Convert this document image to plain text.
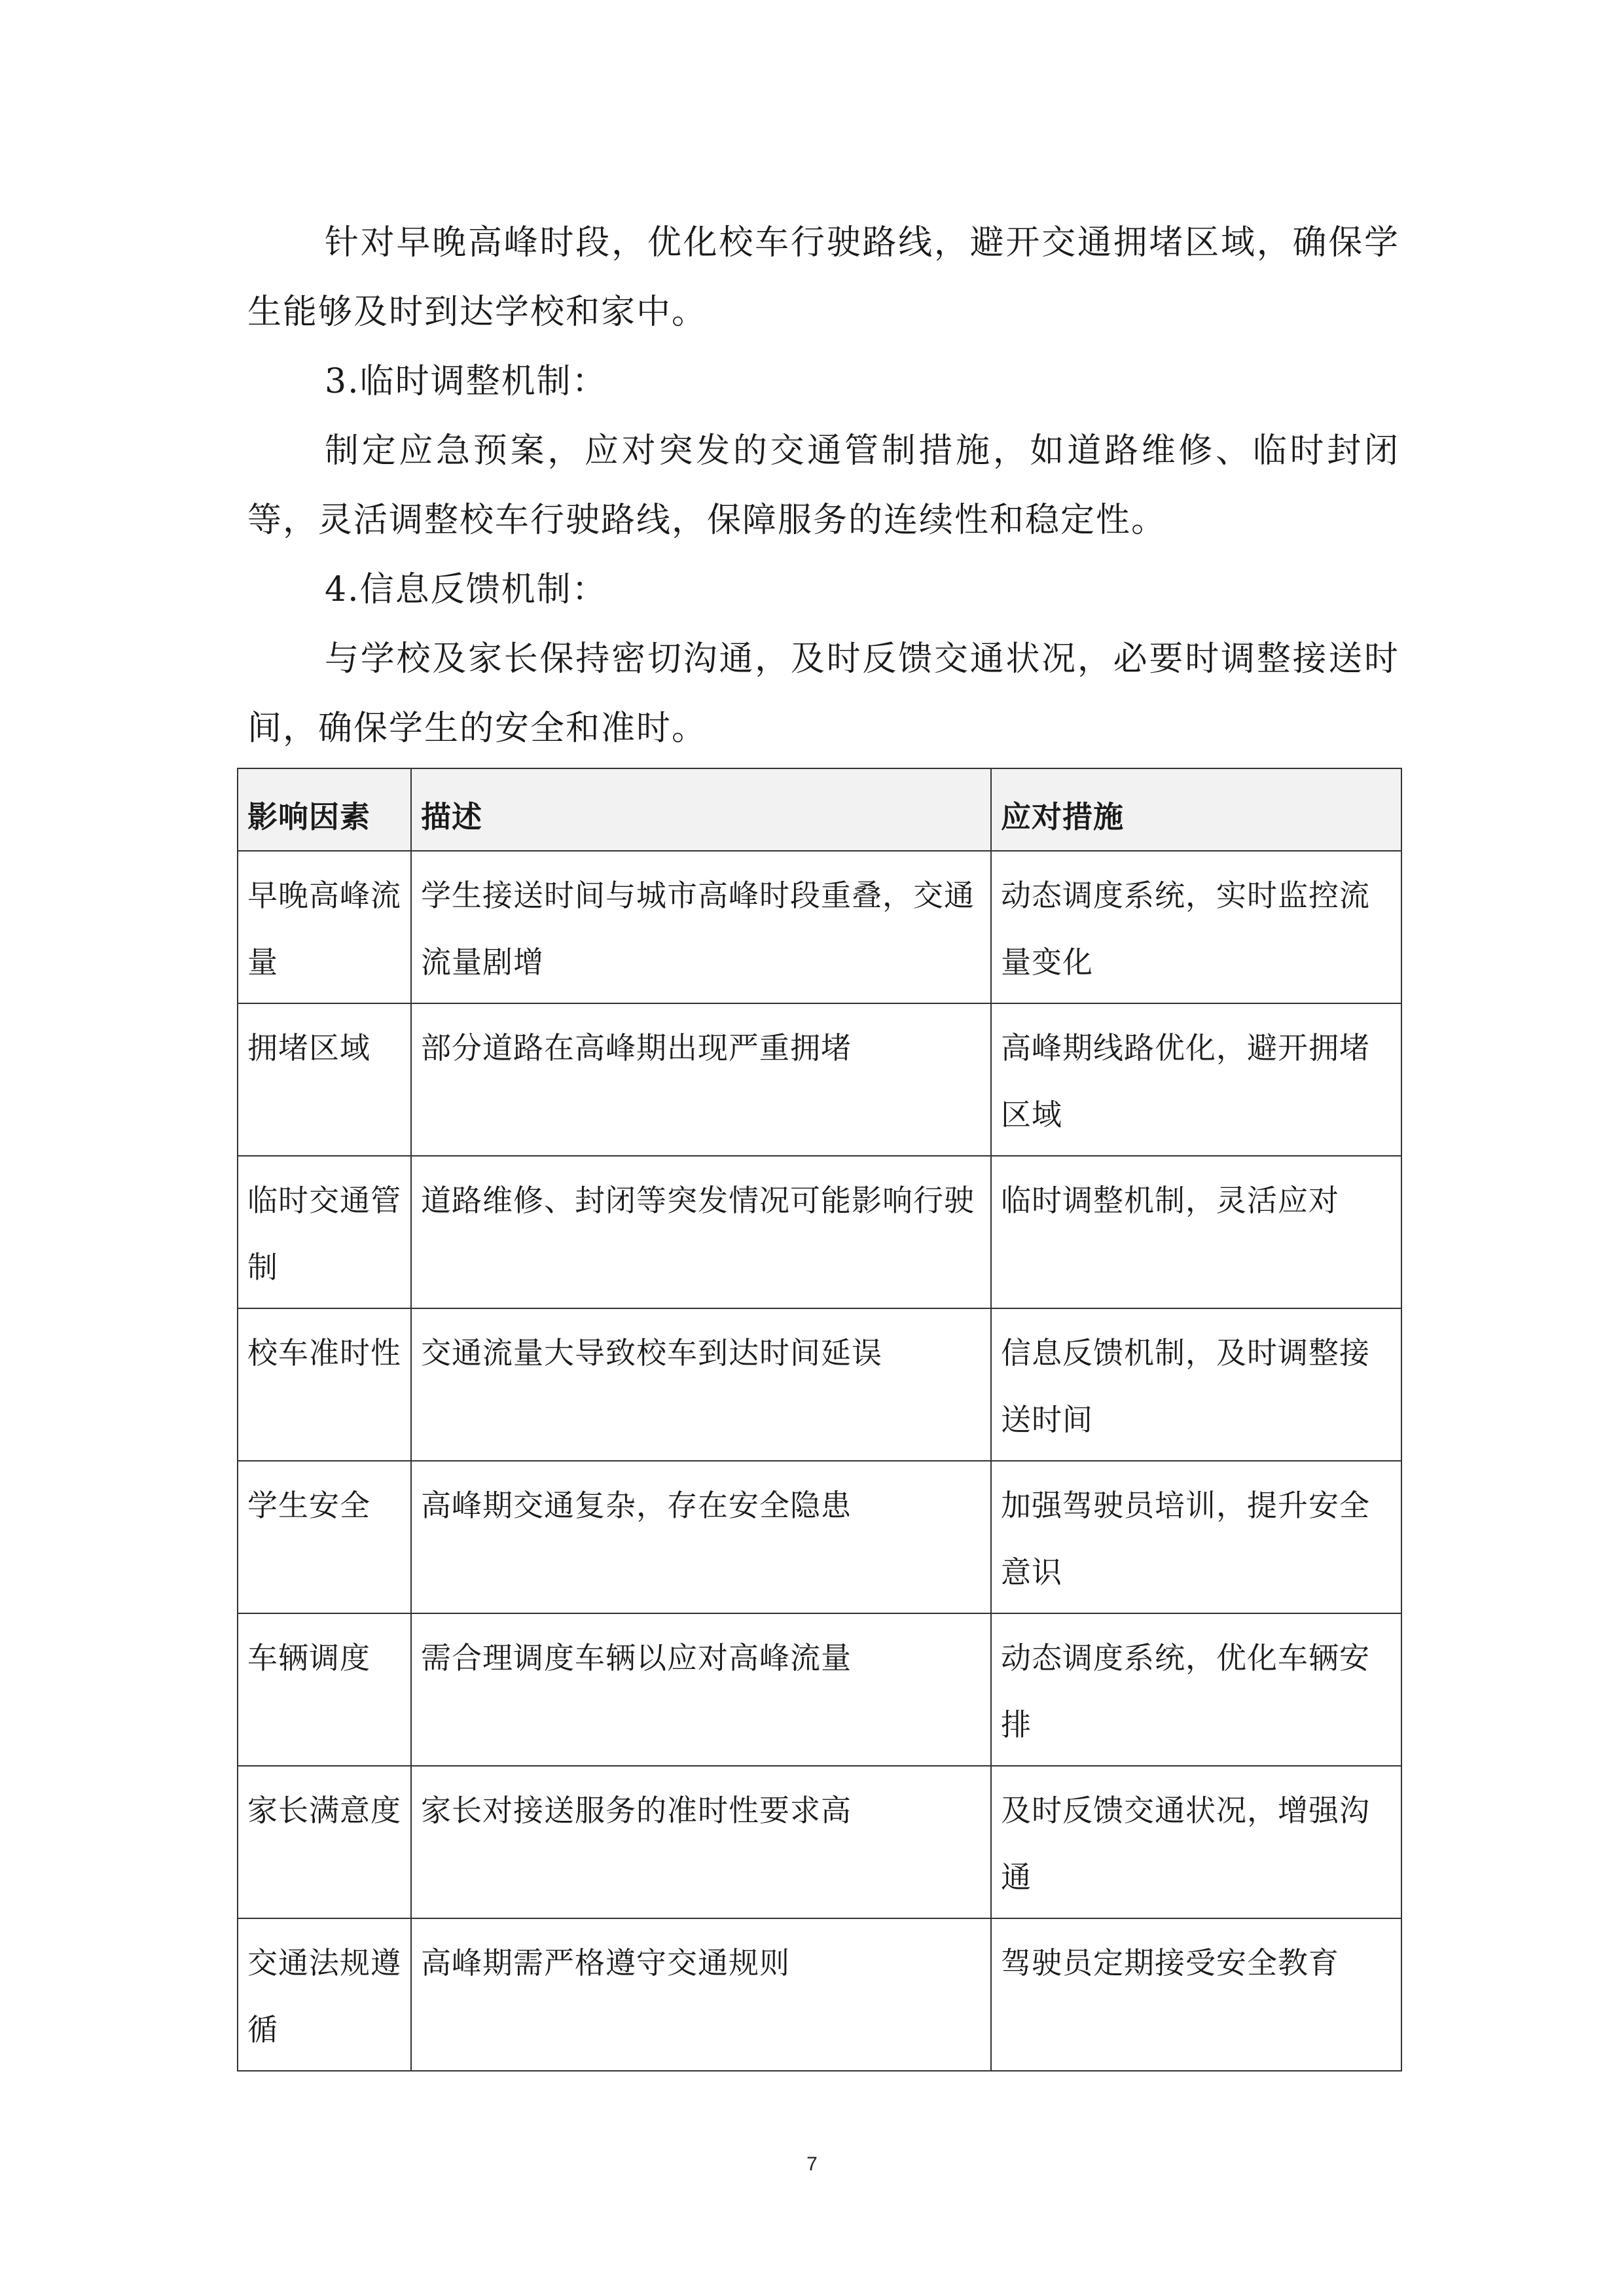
针对早晚高峰时段，优化校车行驶路线，避开交通拥堵区域，确保学生能够及时到达学校和家中。

3.临时调整机制：

制定应急预案，应对突发的交通管制措施，如道路维修、临时封闭等，灵活调整校车行驶路线，保障服务的连续性和稳定性。

4.信息反馈机制：

与学校及家长保持密切沟通，及时反馈交通状况，必要时调整接送时间，确保学生的安全和准时。

影响因素	描述	应对措施
早晚高峰流量	学生接送时间与城市高峰时段重叠，交通流量剧增	动态调度系统，实时监控流量变化
拥堵区域	部分道路在高峰期出现严重拥堵	高峰期线路优化，避开拥堵区域
临时交通管制	道路维修、封闭等突发情况可能影响行驶	临时调整机制，灵活应对
校车准时性	交通流量大导致校车到达时间延误	信息反馈机制，及时调整接送时间
学生安全	高峰期交通复杂，存在安全隐患	加强驾驶员培训，提升安全意识
车辆调度	需合理调度车辆以应对高峰流量	动态调度系统，优化车辆安排
家长满意度	家长对接送服务的准时性要求高	及时反馈交通状况，增强沟通
交通法规遵循	高峰期需严格遵守交通规则	驾驶员定期接受安全教育
7
